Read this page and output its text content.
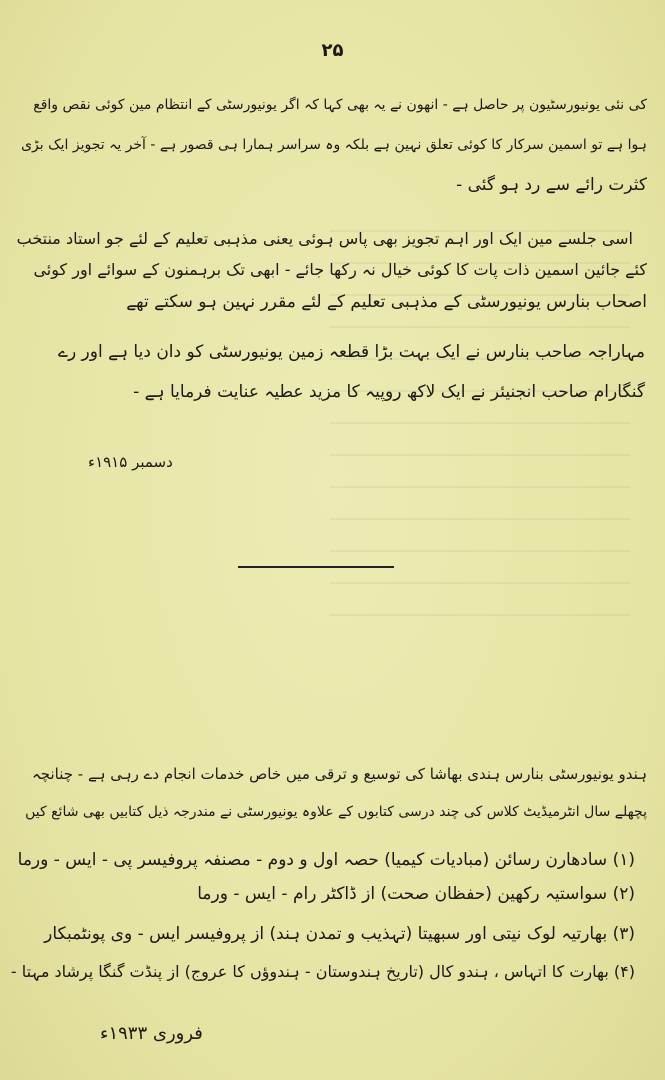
۲۵
کی نئی یونیورسٹیون پر حاصل ہے - انھون نے یہ بھی کہا کہ اگر یونیورسٹی کے انتظام مین کوئی نقص واقع
ہوا ہے تو اسمین سرکار کا کوئی تعلق نہین ہے بلکہ وہ سراسر ہمارا ہی قصور ہے - آخر یہ تجویز ایک بڑی
کثرت رائے سے رد ہو گئی -
اسی جلسے مین ایک اور اہم تجویز بھی پاس ہوئی یعنی مذہبی تعلیم کے لئے جو استاد منتخب
کئے جائین اسمین ذات پات کا کوئی خیال نہ رکھا جائے - ابھی تک برہمنون کے سوائے اور کوئی
اصحاب بنارس یونیورسٹی کے مذہبی تعلیم کے لئے مقرر نہین ہو سکتے تھے
مہاراجہ صاحب بنارس نے ایک بہت بڑا قطعہ زمین یونیورسٹی کو دان دیا ہے اور رے
گنگارام صاحب انجنیئر نے ایک لاکھ روپیہ کا مزید عطیہ عنایت فرمایا ہے -
دسمبر ۱۹۱۵ء
ہندو یونیورسٹی بنارس ہندی بھاشا کی توسیع و ترقی میں خاص خدمات انجام دے رہی ہے - چنانچہ
پچھلے سال انٹرمیڈیٹ کلاس کی چند درسی کتابوں کے علاوہ یونیورسٹی نے مندرجہ ذیل کتابیں بھی شائع کیں
(۱) سادھارن رسائن (مبادیات کیمیا) حصہ اول و دوم - مصنفہ پروفیسر پی - ایس - ورما
(۲) سواستیہ رکھین (حفظان صحت) از ڈاکٹر رام - ایس - ورما
(۳) بھارتیہ لوک نیتی اور سبھیتا (تہذیب و تمدن ہند) از پروفیسر ایس - وی پونٹمبکار
(۴) بھارت کا اتہاس ، ہندو کال (تاریخ ہندوستان - ہندوؤں کا عروج) از پنڈت گنگا پرشاد مہتا -
فروری ۱۹۳۳ء
